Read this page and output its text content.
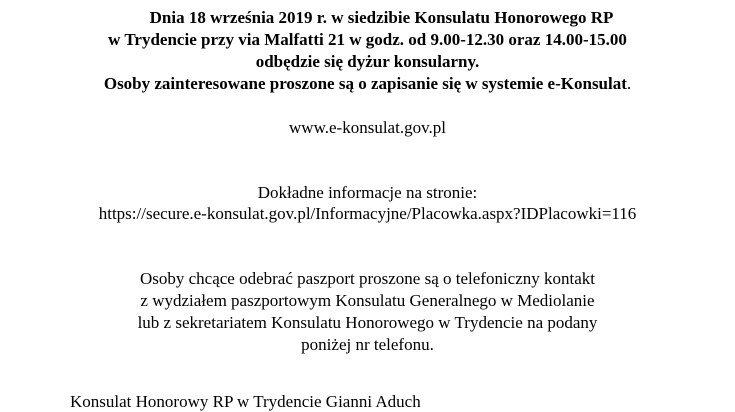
Dnia 18 września 2019 r. w siedzibie Konsulatu Honorowego RP
w Trydencie przy via Malfatti 21 w godz. od 9.00-12.30 oraz 14.00-15.00
odbędzie się dyżur konsularny.
Osoby zainteresowane proszone są o zapisanie się w systemie e-Konsulat.
www.e-konsulat.gov.pl
Dokładne informacje na stronie:
https://secure.e-konsulat.gov.pl/Informacyjne/Placowka.aspx?IDPlacowki=116
Osoby chcące odebrać paszport proszone są o telefoniczny kontakt
z wydziałem paszportowym Konsulatu Generalnego w Mediolanie
lub z sekretariatem Konsulatu Honorowego w Trydencie na podany
poniżej nr telefonu.
Konsulat Honorowy RP w Trydencie Gianni Aduch
